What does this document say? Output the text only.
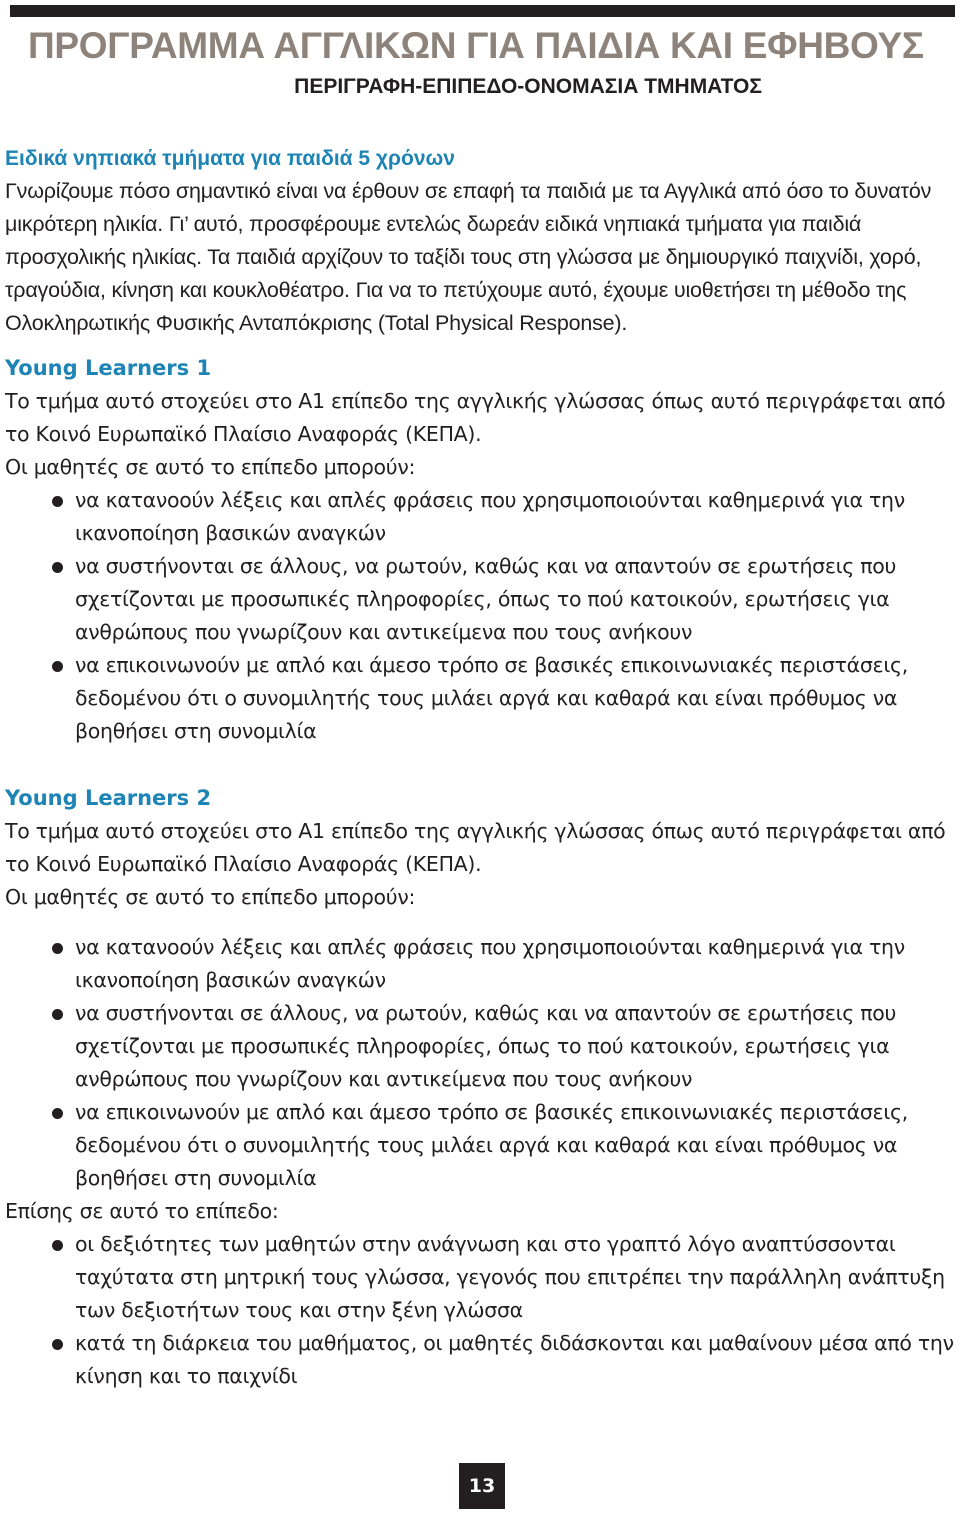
ΠΡΟΓΡΑΜΜΑ ΑΓΓΛΙΚΩΝ ΓΙΑ ΠΑΙΔΙΑ ΚΑΙ ΕΦΗΒΟΥΣ
ΠΕΡΙΓΡΑΦΗ-ΕΠΙΠΕΔΟ-ΟΝΟΜΑΣΙΑ ΤΜΗΜΑΤΟΣ
Ειδικά νηπιακά τμήματα για παιδιά 5 χρόνων

Γνωρίζουμε πόσο σημαντικό είναι να έρθουν σε επαφή τα παιδιά με τα Αγγλικά από όσο το δυνατόν μικρότερη ηλικία. Γι’ αυτό, προσφέρουμε εντελώς δωρεάν ειδικά νηπιακά τμήματα για παιδιά προσχολικής ηλικίας. Τα παιδιά αρχίζουν το ταξίδι τους στη γλώσσα με δημιουργικό παιχνίδι, χορό, τραγούδια, κίνηση και κουκλοθέατρο. Για να το πετύχουμε αυτό, έχουμε υιοθετήσει τη μέθοδο της Ολοκληρωτικής Φυσικής Ανταπόκρισης (Total Physical Response).

Young Learners 1

Το τμήμα αυτό στοχεύει στο A1 επίπεδο της αγγλικής γλώσσας όπως αυτό περιγράφεται από το Κοινό Ευρωπαϊκό Πλαίσιο Αναφοράς (ΚΕΠΑ).

Οι μαθητές σε αυτό το επίπεδο μπορούν:

να κατανοούν λέξεις και απλές φράσεις που χρησιμοποιούνται καθημερινά για την ικανοποίηση βασικών αναγκών
να συστήνονται σε άλλους, να ρωτούν, καθώς και να απαντούν σε ερωτήσεις που σχετίζονται με προσωπικές πληροφορίες, όπως το πού κατοικούν, ερωτήσεις για ανθρώπους που γνωρίζουν και αντικείμενα που τους ανήκουν
να επικοινωνούν με απλό και άμεσο τρόπο σε βασικές επικοινωνιακές περιστάσεις, δεδομένου ότι ο συνομιλητής τους μιλάει αργά και καθαρά και είναι πρόθυμος να βοηθήσει στη συνομιλία
Young Learners 2

Το τμήμα αυτό στοχεύει στο A1 επίπεδο της αγγλικής γλώσσας όπως αυτό περιγράφεται από το Κοινό Ευρωπαϊκό Πλαίσιο Αναφοράς (ΚΕΠΑ).

Οι μαθητές σε αυτό το επίπεδο μπορούν:

να κατανοούν λέξεις και απλές φράσεις που χρησιμοποιούνται καθημερινά για την ικανοποίηση βασικών αναγκών
να συστήνονται σε άλλους, να ρωτούν, καθώς και να απαντούν σε ερωτήσεις που σχετίζονται με προσωπικές πληροφορίες, όπως το πού κατοικούν, ερωτήσεις για ανθρώπους που γνωρίζουν και αντικείμενα που τους ανήκουν
να επικοινωνούν με απλό και άμεσο τρόπο σε βασικές επικοινωνιακές περιστάσεις, δεδομένου ότι ο συνομιλητής τους μιλάει αργά και καθαρά και είναι πρόθυμος να βοηθήσει στη συνομιλία

Επίσης σε αυτό το επίπεδο:

οι δεξιότητες των μαθητών στην ανάγνωση και στο γραπτό λόγο αναπτύσσονται ταχύτατα στη μητρική τους γλώσσα, γεγονός που επιτρέπει την παράλληλη ανάπτυξη των δεξιοτήτων τους και στην ξένη γλώσσα
κατά τη διάρκεια του μαθήματος, οι μαθητές διδάσκονται και μαθαίνουν μέσα από την κίνηση και το παιχνίδι
13
